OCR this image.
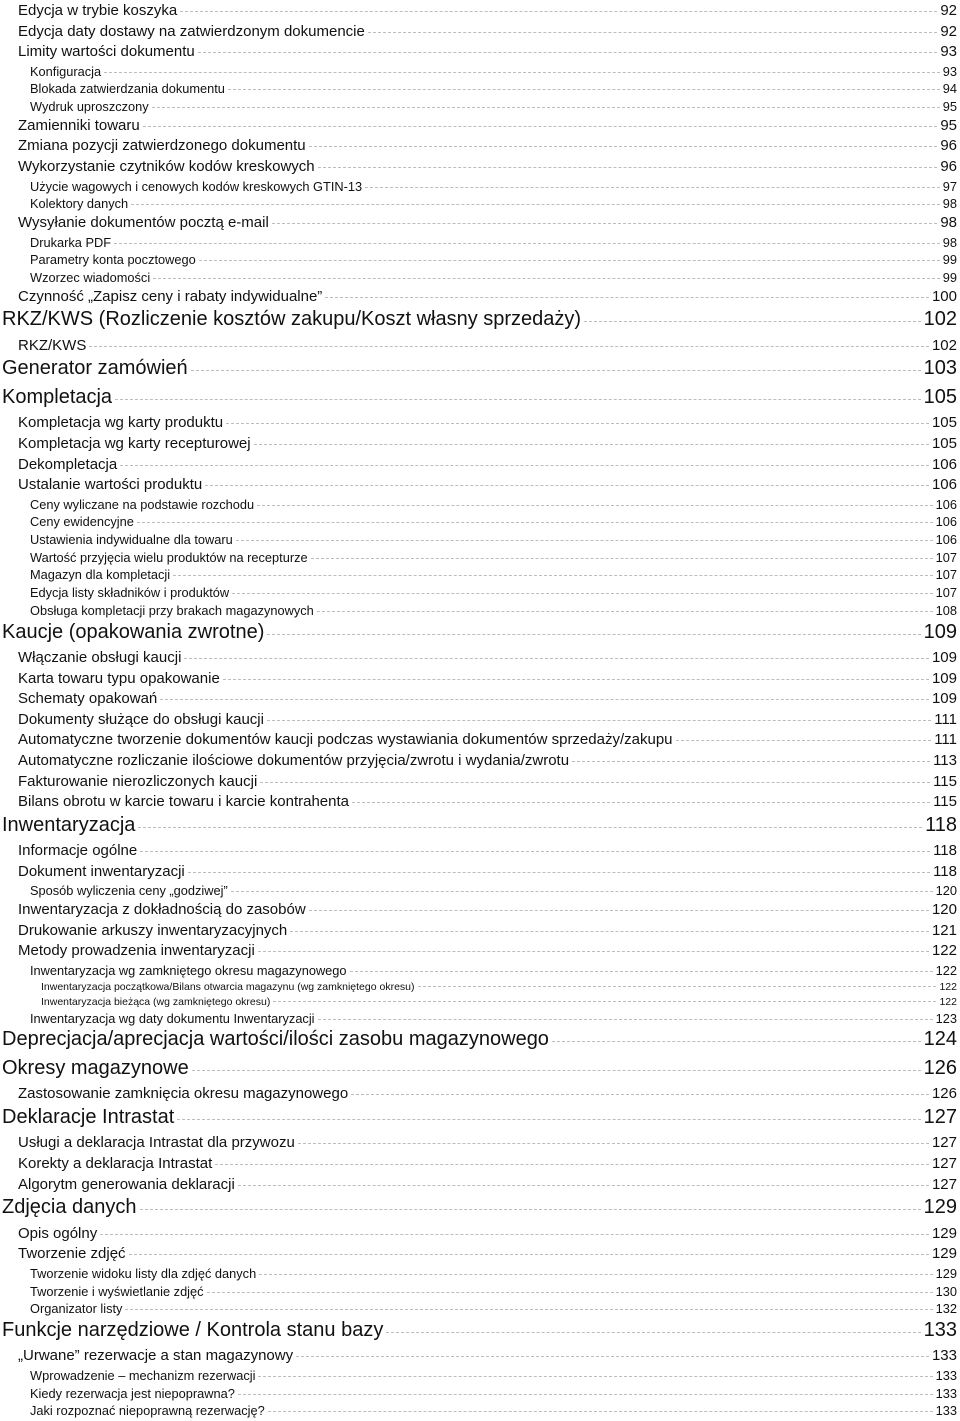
Edycja w trybie koszyka	92
Edycja daty dostawy na zatwierdzonym dokumencie	92
Limity wartości dokumentu	93
Konfiguracja	93
Blokada zatwierdzania dokumentu	94
Wydruk uproszczony	95
Zamienniki towaru	95
Zmiana pozycji zatwierdzonego dokumentu	96
Wykorzystanie czytników kodów kreskowych	96
Użycie wagowych i cenowych kodów kreskowych GTIN-13	97
Kolektory danych	98
Wysyłanie dokumentów pocztą e-mail	98
Drukarka PDF	98
Parametry konta pocztowego	99
Wzorzec wiadomości	99
Czynność „Zapisz ceny i rabaty indywidualne”	100
RKZ/KWS (Rozliczenie kosztów zakupu/Koszt własny sprzedaży)	102
RKZ/KWS	102
Generator zamówień	103
Kompletacja	105
Kompletacja wg karty produktu	105
Kompletacja wg karty recepturowej	105
Dekompletacja	106
Ustalanie wartości produktu	106
Ceny wyliczane na podstawie rozchodu	106
Ceny ewidencyjne	106
Ustawienia indywidualne dla towaru	106
Wartość przyjęcia wielu produktów na recepturze	107
Magazyn dla kompletacji	107
Edycja listy składników i produktów	107
Obsługa kompletacji przy brakach magazynowych	108
Kaucje (opakowania zwrotne)	109
Włączanie obsługi kaucji	109
Karta towaru typu opakowanie	109
Schematy opakowań	109
Dokumenty służące do obsługi kaucji	111
Automatyczne tworzenie dokumentów kaucji podczas wystawiania dokumentów sprzedaży/zakupu	111
Automatyczne rozliczanie ilościowe dokumentów przyjęcia/zwrotu i wydania/zwrotu	113
Fakturowanie nierozliczonych kaucji	115
Bilans obrotu w karcie towaru i karcie kontrahenta	115
Inwentaryzacja	118
Informacje ogólne	118
Dokument inwentaryzacji	118
Sposób wyliczenia ceny „godziwej”	120
Inwentaryzacja z dokładnością do zasobów	120
Drukowanie arkuszy inwentaryzacyjnych	121
Metody prowadzenia inwentaryzacji	122
Inwentaryzacja wg zamkniętego okresu magazynowego	122
Inwentaryzacja początkowa/Bilans otwarcia magazynu (wg zamkniętego okresu)	122
Inwentaryzacja bieżąca (wg zamkniętego okresu)	122
Inwentaryzacja wg daty dokumentu Inwentaryzacji	123
Deprecjacja/aprecjacja wartości/ilości zasobu magazynowego	124
Okresy magazynowe	126
Zastosowanie zamknięcia okresu magazynowego	126
Deklaracje Intrastat	127
Usługi a deklaracja Intrastat dla przywozu	127
Korekty a deklaracja Intrastat	127
Algorytm generowania deklaracji	127
Zdjęcia danych	129
Opis ogólny	129
Tworzenie zdjęć	129
Tworzenie widoku listy dla zdjęć danych	129
Tworzenie i wyświetlanie zdjęć	130
Organizator listy	132
Funkcje narzędziowe / Kontrola stanu bazy	133
„Urwane” rezerwacje a stan magazynowy	133
Wprowadzenie – mechanizm rezerwacji	133
Kiedy rezerwacja jest niepoprawna?	133
Jaki rozpoznać niepoprawną rezerwację?	133
